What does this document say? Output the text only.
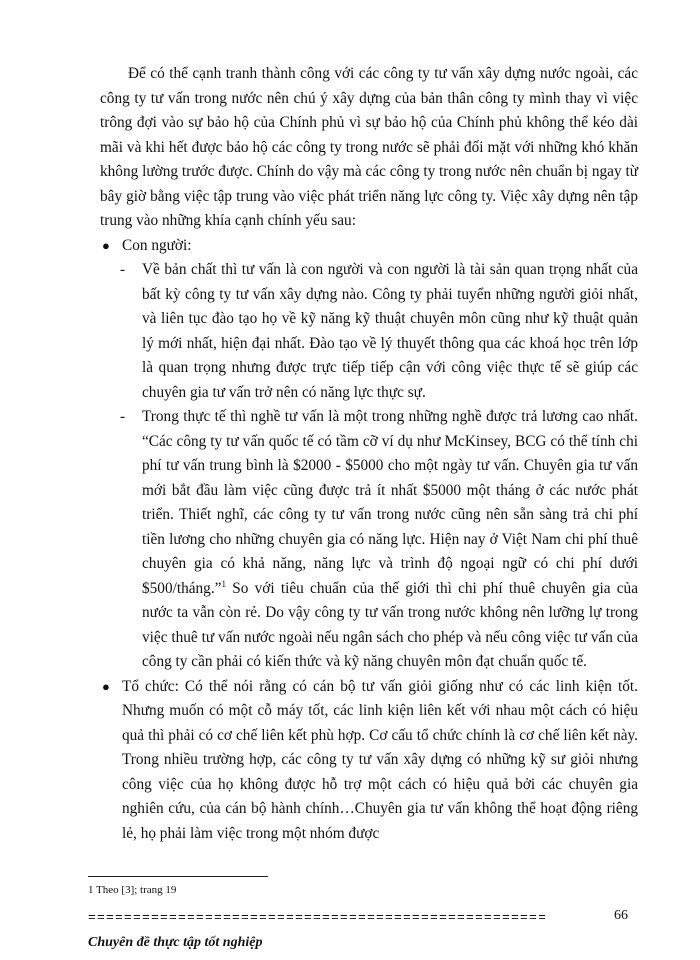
Để có thể cạnh tranh thành công với các công ty tư vấn xây dựng nước ngoài, các công ty tư vấn trong nước nên chú ý xây dựng của bản thân công ty mình thay vì việc trông đợi vào sự bảo hộ của Chính phủ vì sự bảo hộ của Chính phủ không thể kéo dài mãi và khi hết được bảo hộ các công ty trong nước sẽ phải đối mặt với những khó khăn không lường trước được. Chính do vậy mà các công ty trong nước nên chuẩn bị ngay từ bây giờ bằng việc tập trung vào việc phát triển năng lực công ty. Việc xây dựng nên tập trung vào những khía cạnh chính yếu sau:

● Con người:
- Về bản chất thì tư vấn là con người và con người là tài sản quan trọng nhất của bất kỳ công ty tư vấn xây dựng nào. Công ty phải tuyển những người giỏi nhất, và liên tục đào tạo họ về kỹ năng kỹ thuật chuyên môn cũng như kỹ thuật quản lý mới nhất, hiện đại nhất. Đào tạo về lý thuyết thông qua các khoá học trên lớp là quan trọng nhưng được trực tiếp tiếp cận với công việc thực tế sẽ giúp các chuyên gia tư vấn trở nên có năng lực thực sự.
- Trong thực tế thì nghề tư vấn là một trong những nghề được trả lương cao nhất. “Các công ty tư vấn quốc tế có tầm cỡ ví dụ như McKinsey, BCG có thể tính chi phí tư vấn trung bình là $2000 - $5000 cho một ngày tư vấn. Chuyên gia tư vấn mới bắt đầu làm việc cũng được trả ít nhất $5000 một tháng ở các nước phát triển. Thiết nghĩ, các công ty tư vấn trong nước cũng nên sẵn sàng trả chi phí tiền lương cho những chuyên gia có năng lực. Hiện nay ở Việt Nam chi phí thuê chuyên gia có khả năng, năng lực và trình độ ngoại ngữ có chi phí dưới $500/tháng.”$^1$ So với tiêu chuẩn của thế giới thì chi phí thuê chuyên gia của nước ta vẫn còn rẻ. Do vậy công ty tư vấn trong nước không nên lưỡng lự trong việc thuê tư vấn nước ngoài nếu ngân sách cho phép và nếu công việc tư vấn của công ty cần phải có kiến thức và kỹ năng chuyên môn đạt chuẩn quốc tế.
● Tổ chức: Có thể nói rằng có cán bộ tư vấn giỏi giống như có các linh kiện tốt. Nhưng muốn có một cỗ máy tốt, các linh kiện liên kết với nhau một cách có hiệu quả thì phải có cơ chế liên kết phù hợp. Cơ cấu tổ chức chính là cơ chế liên kết này. Trong nhiều trường hợp, các công ty tư vấn xây dựng có những kỹ sư giỏi nhưng công việc của họ không được hỗ trợ một cách có hiệu quả bởi các chuyên gia nghiên cứu, của cán bộ hành chính…Chuyên gia tư vấn không thể hoạt động riêng lẻ, họ phải làm việc trong một nhóm được
1 Theo [3]; trang 19
===================================================	66
Chuyên đề thực tập tốt nghiệp
